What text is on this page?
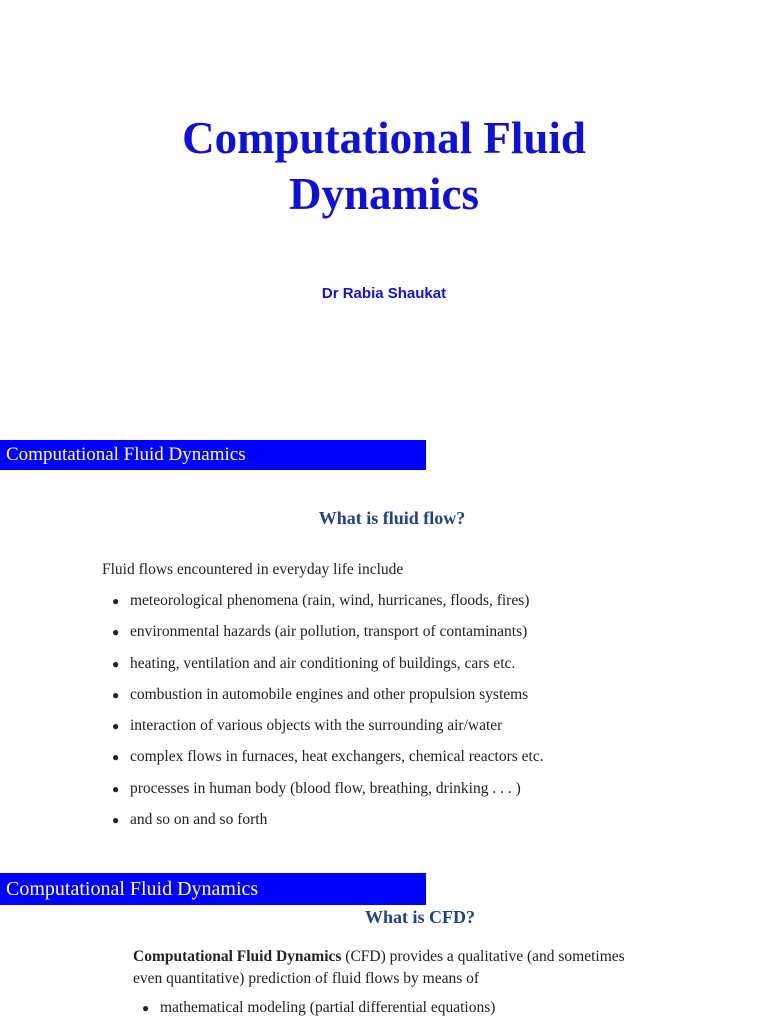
Computational Fluid Dynamics
Dr Rabia Shaukat
Computational Fluid Dynamics
What is fluid flow?
Fluid flows encountered in everyday life include
● meteorological phenomena (rain, wind, hurricanes, floods, fires)
● environmental hazards (air pollution, transport of contaminants)
● heating, ventilation and air conditioning of buildings, cars etc.
● combustion in automobile engines and other propulsion systems
● interaction of various objects with the surrounding air/water
● complex flows in furnaces, heat exchangers, chemical reactors etc.
● processes in human body (blood flow, breathing, drinking . . . )
● and so on and so forth
Computational Fluid Dynamics
What is CFD?
Computational Fluid Dynamics (CFD) provides a qualitative (and sometimes even quantitative) prediction of fluid flows by means of
● mathematical modeling (partial differential equations)
